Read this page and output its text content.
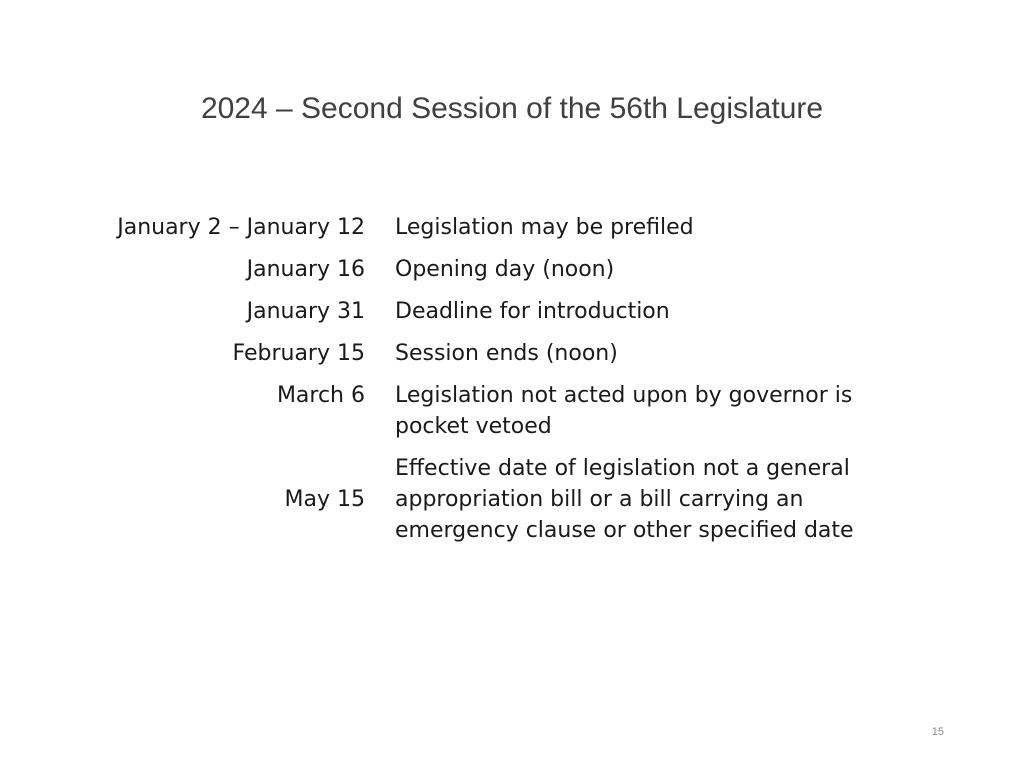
2024 – Second Session of the 56th Legislature
January 2 – January 12	Legislation may be prefiled
January 16	Opening day (noon)
January 31	Deadline for introduction
February 15	Session ends (noon)
March 6	Legislation not acted upon by governor is pocket vetoed
May 15	Effective date of legislation not a general appropriation bill or a bill carrying an emergency clause or other specified date
15
